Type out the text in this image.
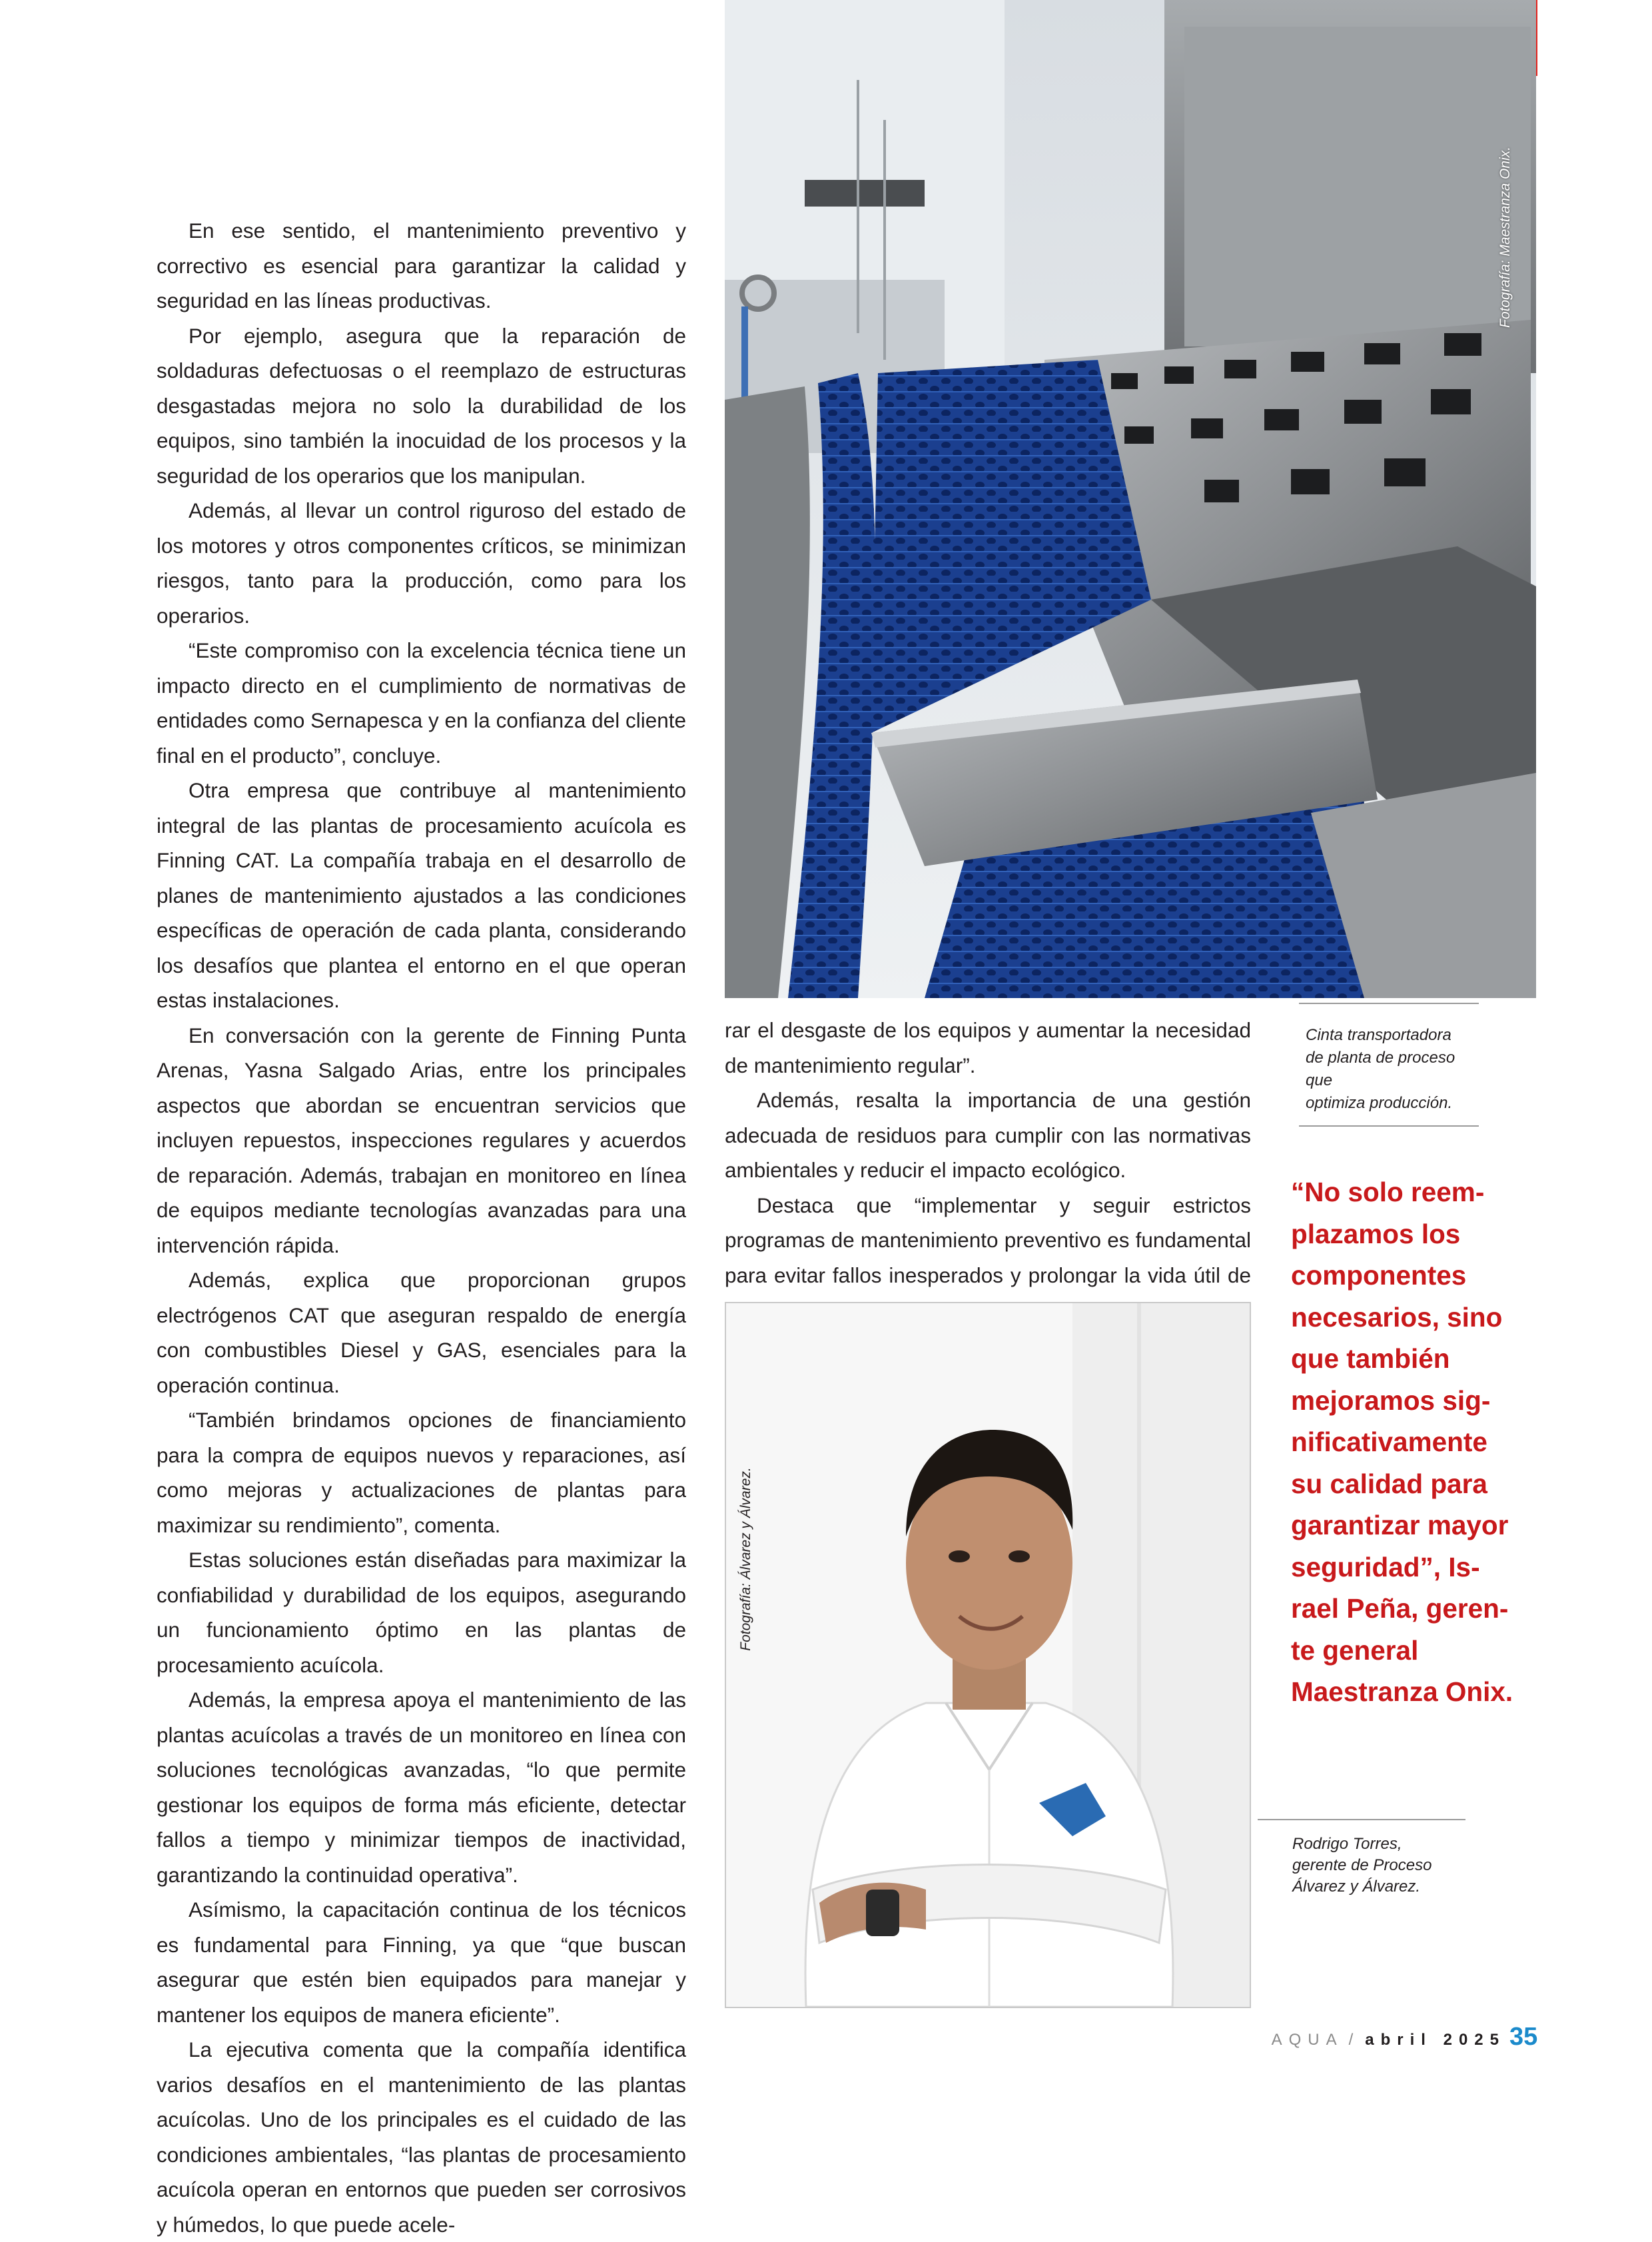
En ese sentido, el mantenimiento preventivo y correctivo es esencial para garantizar la calidad y seguridad en las líneas productivas.

Por ejemplo, asegura que la reparación de soldaduras defectuosas o el reemplazo de estructuras desgastadas mejora no solo la durabilidad de los equipos, sino también la inocuidad de los procesos y la seguridad de los operarios que los manipulan.

Además, al llevar un control riguroso del estado de los motores y otros componentes críticos, se minimizan riesgos, tanto para la producción, como para los operarios.

“Este compromiso con la excelencia técnica tiene un impacto directo en el cumplimiento de normativas de entidades como Sernapesca y en la confianza del cliente final en el producto”, concluye.

Otra empresa que contribuye al mantenimiento integral de las plantas de procesamiento acuícola es Finning CAT. La compañía trabaja en el desarrollo de planes de mantenimiento ajustados a las condiciones específicas de operación de cada planta, considerando los desafíos que plantea el entorno en el que operan estas instalaciones.

En conversación con la gerente de Finning Punta Arenas, Yasna Salgado Arias, entre los principales aspectos que abordan se encuentran servicios que incluyen repuestos, inspecciones regulares y acuerdos de reparación. Además, trabajan en monitoreo en línea de equipos mediante tecnologías avanzadas para una intervención rápida.

Además, explica que proporcionan grupos electrógenos CAT que aseguran respaldo de energía con combustibles Diesel y GAS, esenciales para la operación continua.

“También brindamos opciones de financiamiento para la compra de equipos nuevos y reparaciones, así como mejoras y actualizaciones de plantas para maximizar su rendimiento”, comenta.

Estas soluciones están diseñadas para maximizar la confiabilidad y durabilidad de los equipos, asegurando un funcionamiento óptimo en las plantas de procesamiento acuícola.

Además, la empresa apoya el mantenimiento de las plantas acuícolas a través de un monitoreo en línea con soluciones tecnológicas avanzadas, “lo que permite gestionar los equipos de forma más eficiente, detectar fallos a tiempo y minimizar tiempos de inactividad, garantizando la continuidad operativa”.

Asímismo, la capacitación continua de los técnicos es fundamental para Finning, ya que “que buscan asegurar que estén bien equipados para manejar y mantener los equipos de manera eficiente”.

La ejecutiva comenta que la compañía identifica varios desafíos en el mantenimiento de las plantas acuícolas. Uno de los principales es el cuidado de las condiciones ambientales, “las plantas de procesamiento acuícola operan en entornos que pueden ser corrosivos y húmedos, lo que puede acele-

Fotografía: Maestranza Onix.
Cinta transportadora
de planta de proceso que
optimiza producción.

rar el desgaste de los equipos y aumentar la necesidad de mantenimiento regular”.

Además, resalta la importancia de una gestión adecuada de residuos para cumplir con las normativas ambientales y reducir el impacto ecológico.

Destaca que “implementar y seguir estrictos programas de mantenimiento preventivo es fundamental para evitar fallos inesperados y prolongar la vida útil de

“No solo reem-
plazamos los
componentes
necesarios, sino
que también
mejoramos sig-
nificativamente
su calidad para
garantizar mayor
seguridad”, Is-
rael Peña, geren-
te general
Maestranza Onix.
Fotografía: Álvarez y Álvarez.
Rodrigo Torres,
gerente de Proceso
Álvarez y Álvarez.
AQUA / abril 2025 35
